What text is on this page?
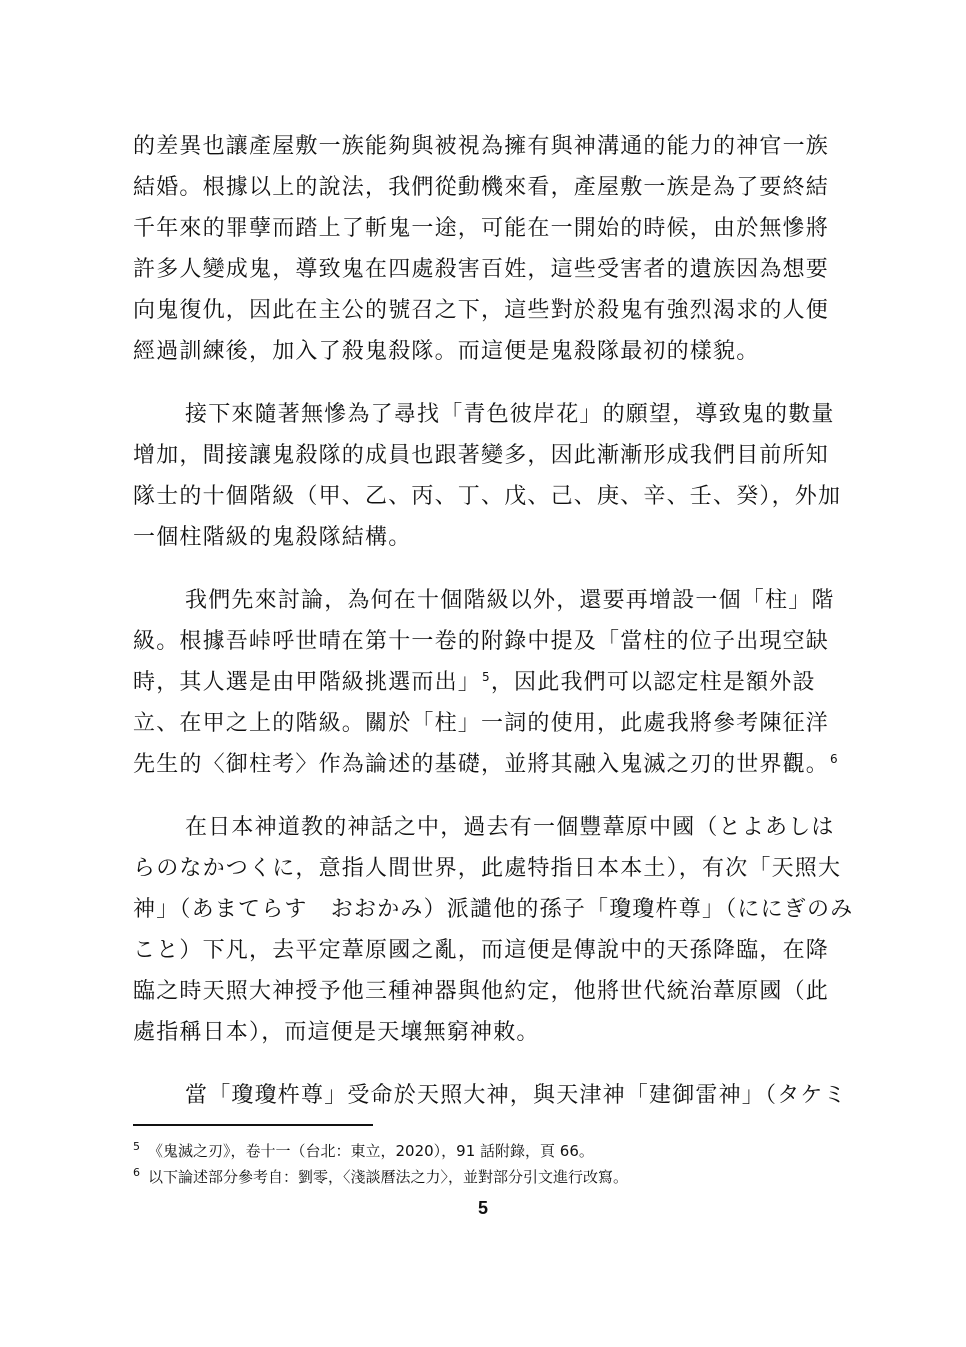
的差異也讓產屋敷一族能夠與被視為擁有與神溝通的能力的神官一族
結婚。根據以上的說法，我們從動機來看，產屋敷一族是為了要終結
千年來的罪孽而踏上了斬鬼一途，可能在一開始的時候，由於無慘將
許多人變成鬼，導致鬼在四處殺害百姓，這些受害者的遺族因為想要
向鬼復仇，因此在主公的號召之下，這些對於殺鬼有強烈渴求的人便
經過訓練後，加入了殺鬼殺隊。而這便是鬼殺隊最初的樣貌。

接下來隨著無慘為了尋找「青色彼岸花」的願望，導致鬼的數量
增加，間接讓鬼殺隊的成員也跟著變多，因此漸漸形成我們目前所知
隊士的十個階級（甲、乙、丙、丁、戊、己、庚、辛、壬、癸），外加
一個柱階級的鬼殺隊結構。

我們先來討論，為何在十個階級以外，還要再增設一個「柱」階
級。根據吾峠呼世晴在第十一卷的附錄中提及「當柱的位子出現空缺
時，其人選是由甲階級挑選而出」$^5$，因此我們可以認定柱是額外設
立、在甲之上的階級。關於「柱」一詞的使用，此處我將參考陳征洋
先生的〈御柱考〉作為論述的基礎，並將其融入鬼滅之刃的世界觀。$^6$

在日本神道教的神話之中，過去有一個豐葦原中國（とよあしは
らのなかつくに，意指人間世界，此處特指日本本土），有次「天照大
神」（あまてらす　おおかみ）派譴他的孫子「瓊瓊杵尊」（ににぎのみ
こと）下凡，去平定葦原國之亂，而這便是傳說中的天孫降臨，在降
臨之時天照大神授予他三種神器與他約定，他將世代統治葦原國（此
處指稱日本），而這便是天壤無窮神敕。

當「瓊瓊杵尊」受命於天照大神，與天津神「建御雷神」（タケミ

$^5$ 《鬼滅之刃》，卷十一（台北：東立，2020），91 話附錄，頁 66。
$^6$ 以下論述部分參考自：劉零，〈淺談曆法之力〉，並對部分引文進行改寫。
5
